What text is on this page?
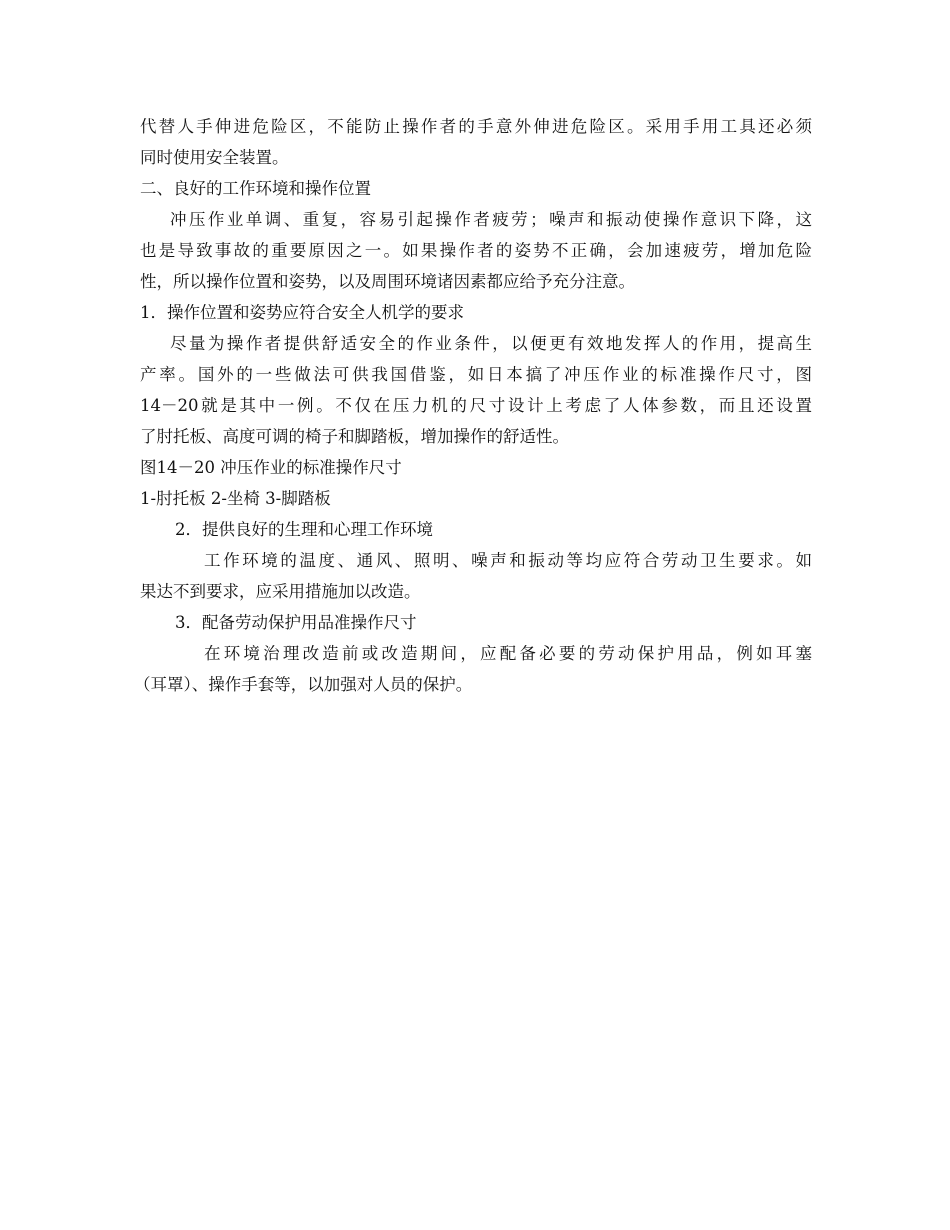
代替人手伸进危险区，不能防止操作者的手意外伸进危险区。采用手用工具还必须
同时使用安全装置。
二、良好的工作环境和操作位置
冲压作业单调、重复，容易引起操作者疲劳；噪声和振动使操作意识下降，这
也是导致事故的重要原因之一。如果操作者的姿势不正确，会加速疲劳，增加危险
性，所以操作位置和姿势，以及周围环境诸因素都应给予充分注意。
1．操作位置和姿势应符合安全人机学的要求
尽量为操作者提供舒适安全的作业条件，以便更有效地发挥人的作用，提高生
产率。国外的一些做法可供我国借鉴，如日本搞了冲压作业的标准操作尺寸，图
14－20就是其中一例。不仅在压力机的尺寸设计上考虑了人体参数，而且还设置
了肘托板、高度可调的椅子和脚踏板，增加操作的舒适性。
图14－20 冲压作业的标准操作尺寸
1-肘托板 2-坐椅 3-脚踏板
2．提供良好的生理和心理工作环境
工作环境的温度、通风、照明、噪声和振动等均应符合劳动卫生要求。如
果达不到要求，应采用措施加以改造。
3．配备劳动保护用品准操作尺寸
在环境治理改造前或改造期间，应配备必要的劳动保护用品，例如耳塞
（耳罩）、操作手套等，以加强对人员的保护。
